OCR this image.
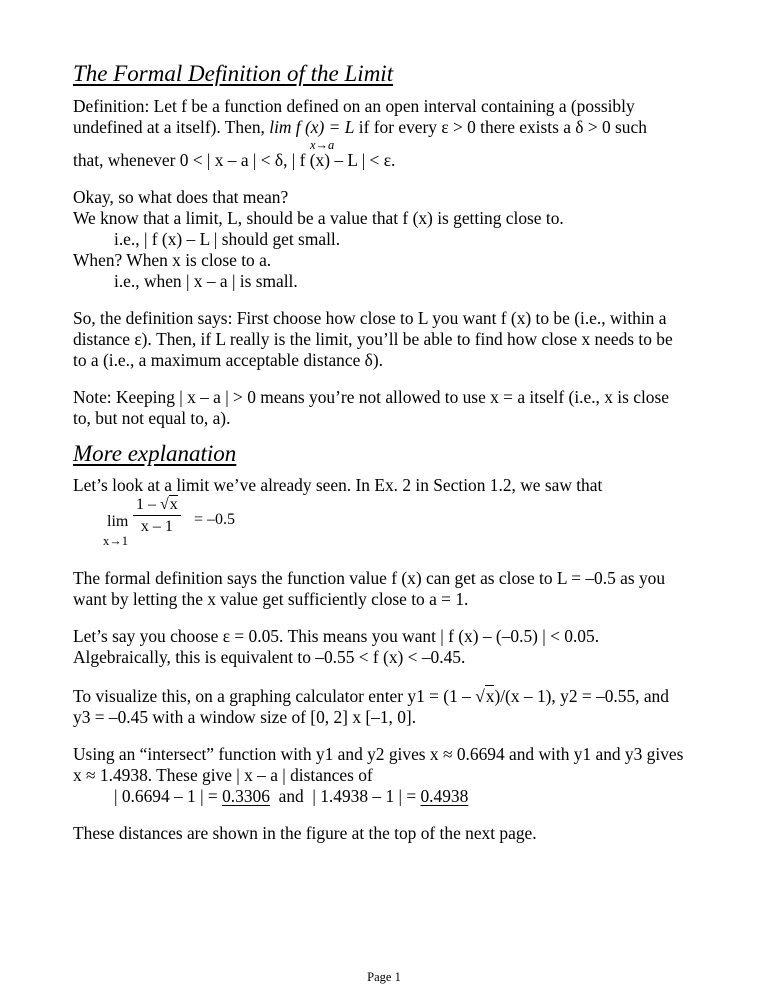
The Formal Definition of the Limit
Definition: Let f be a function defined on an open interval containing a (possibly
undefined at a itself). Then, lim f (x) = L if for every ε > 0 there exists a δ > 0 such
x→a
that, whenever 0 < | x – a | < δ, | f (x) – L | < ε.
Okay, so what does that mean?
We know that a limit, L, should be a value that f (x) is getting close to.
i.e., | f (x) – L | should get small.
When? When x is close to a.
i.e., when | x – a | is small.
So, the definition says: First choose how close to L you want f (x) to be (i.e., within a
distance ε). Then, if L really is the limit, you’ll be able to find how close x needs to be
to a (i.e., a maximum acceptable distance δ).
Note: Keeping | x – a | > 0 means you’re not allowed to use x = a itself (i.e., x is close
to, but not equal to, a).
More explanation
Let’s look at a limit we’ve already seen. In Ex. 2 in Section 1.2, we saw that
lim
x→1
$\frac{1 - √x}{x - 1} = -0.5$
The formal definition says the function value f (x) can get as close to L = –0.5 as you
want by letting the x value get sufficiently close to a = 1.
Let’s say you choose ε = 0.05. This means you want | f (x) – (–0.5) | < 0.05.
Algebraically, this is equivalent to –0.55 < f (x) < –0.45.
To visualize this, on a graphing calculator enter y1 = (1 – √x)/(x – 1), y2 = –0.55, and
y3 = –0.45 with a window size of [0, 2] x [–1, 0].
Using an “intersect” function with y1 and y2 gives x ≈ 0.6694 and with y1 and y3 gives
x ≈ 1.4938. These give | x – a | distances of
| 0.6694 – 1 | = 0.3306  and  | 1.4938 – 1 | = 0.4938
These distances are shown in the figure at the top of the next page.
Page 1
